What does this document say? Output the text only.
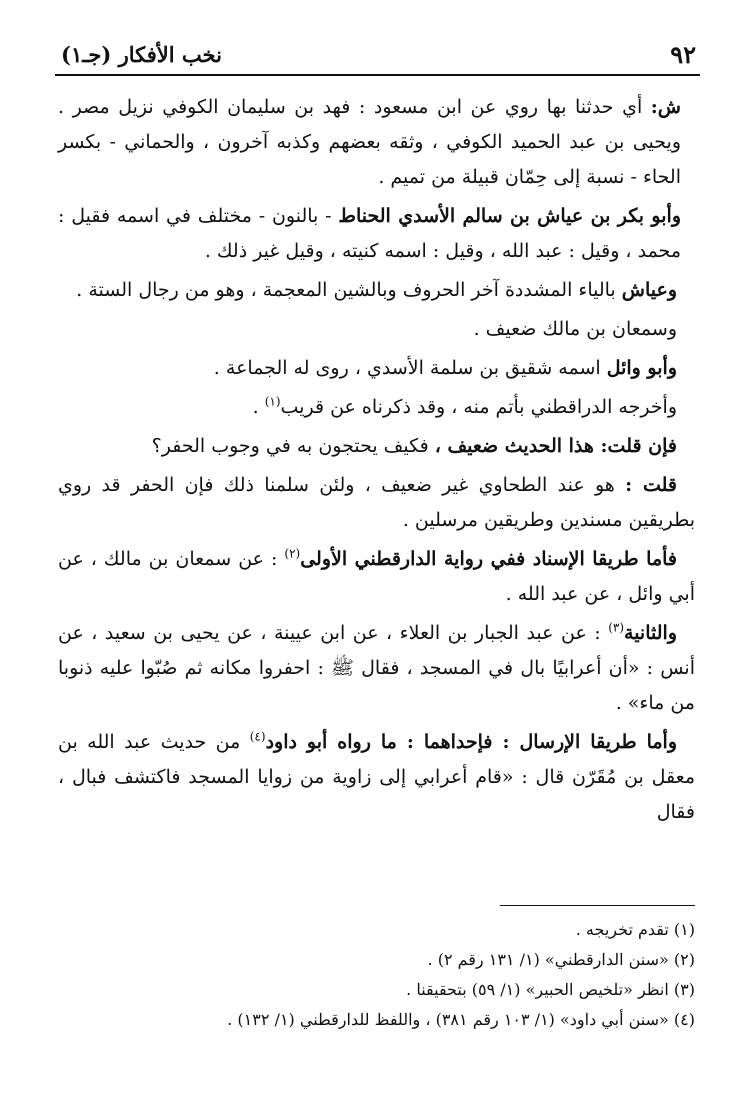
٩٢
نخب الأفكار (جـ١)

ش: أي حدثنا بها روي عن ابن مسعود : فهد بن سليمان الكوفي نزيل مصر . ويحيى بن عبد الحميد الكوفي ، وثقه بعضهم وكذبه آخرون ، والحماني - بكسر الحاء - نسبة إلى حِمّان قبيلة من تميم .

وأبو بكر بن عياش بن سالم الأسدي الحناط - بالنون - مختلف في اسمه فقيل : محمد ، وقيل : عبد الله ، وقيل : اسمه كنيته ، وقيل غير ذلك .

وعياش بالياء المشددة آخر الحروف وبالشين المعجمة ، وهو من رجال الستة .

وسمعان بن مالك ضعيف .

وأبو وائل اسمه شقيق بن سلمة الأسدي ، روى له الجماعة .

وأخرجه الدراقطني بأتم منه ، وقد ذكرناه عن قريب$^{(١)}$ .

فإن قلت: هذا الحديث ضعيف ، فكيف يحتجون به في وجوب الحفر؟

قلت : هو عند الطحاوي غير ضعيف ، ولئن سلمنا ذلك فإن الحفر قد روي بطريقين مسندين وطريقين مرسلين .

فأما طريقا الإسناد ففي رواية الدارقطني الأولى$^{(٢)}$ : عن سمعان بن مالك ، عن أبي وائل ، عن عبد الله .

والثانية$^{(٣)}$ : عن عبد الجبار بن العلاء ، عن ابن عيينة ، عن يحيى بن سعيد ، عن أنس : «أن أعرابيًا بال في المسجد ، فقال ﷺ : احفروا مكانه ثم صُبّوا عليه ذنوبا من ماء» .

وأما طريقا الإرسال : فإحداهما : ما رواه أبو داود$^{(٤)}$ من حديث عبد الله بن معقل بن مُقَرّن قال : «قام أعرابي إلى زاوية من زوايا المسجد فاكتشف فبال ، فقال

(١) تقدم تخريجه .
(٢) «سنن الدارقطني» (١/ ١٣١ رقم ٢) .
(٣) انظر «تلخيص الحبير» (١/ ٥٩) بتحقيقنا .
(٤) «سنن أبي داود» (١/ ١٠٣ رقم ٣٨١) ، واللفظ للدارقطني (١/ ١٣٢) .
